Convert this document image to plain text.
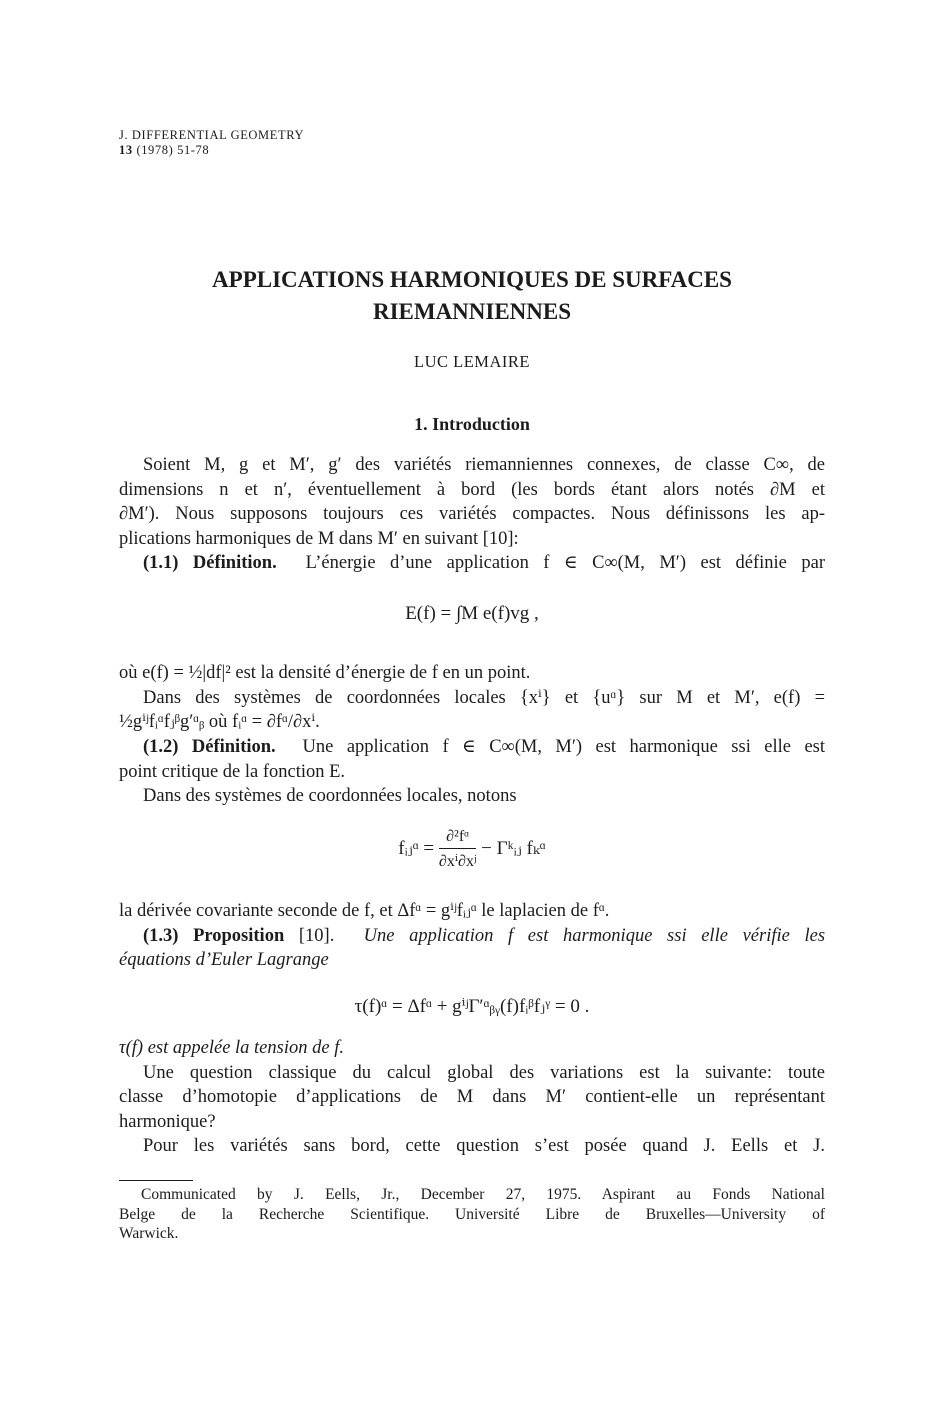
J. DIFFERENTIAL GEOMETRY
13 (1978) 51-78
APPLICATIONS HARMONIQUES DE SURFACES
RIEMANNIENNES
LUC LEMAIRE
1. Introduction
Soient M, g et M′, g′ des variétés riemanniennes connexes, de classe C∞, de
dimensions n et n′, éventuellement à bord (les bords étant alors notés ∂M et
∂M′). Nous supposons toujours ces variétés compactes. Nous définissons les ap-
plications harmoniques de M dans M′ en suivant [10]:
(1.1) Définition. L’énergie d’une application f ∈ C∞(M, M′) est définie par
E(f) = ∫M e(f)vg ,
où e(f) = ½|df|² est la densité d’énergie de f en un point.
Dans des systèmes de coordonnées locales {xⁱ} et {uᵅ} sur M et M′, e(f) =
½gⁱʲfᵢᵅfⱼᵝg′ᵅᵦ où fᵢᵅ = ∂fᵅ/∂xⁱ.
(1.2) Définition. Une application f ∈ C∞(M, M′) est harmonique ssi elle est
point critique de la fonction E.
Dans des systèmes de coordonnées locales, notons
fᵢⱼᵅ = $\frac{\text{∂²fᵅ}}{\text{∂xⁱ∂xʲ}}$ − Γᵏᵢⱼ fₖᵅ
la dérivée covariante seconde de f, et Δfᵅ = gⁱʲfᵢⱼᵅ le laplacien de fᵅ.
(1.3) Proposition [10]. Une application f est harmonique ssi elle vérifie les
équations d’Euler Lagrange
τ(f)ᵅ = Δfᵅ + gⁱʲΓ′ᵅᵦᵧ(f)fᵢᵝfⱼᵞ = 0 .
τ(f) est appelée la tension de f.
Une question classique du calcul global des variations est la suivante: toute
classe d’homotopie d’applications de M dans M′ contient-elle un représentant
harmonique?
Pour les variétés sans bord, cette question s’est posée quand J. Eells et J.
Communicated by J. Eells, Jr., December 27, 1975. Aspirant au Fonds National
Belge de la Recherche Scientifique. Université Libre de Bruxelles—University of
Warwick.
